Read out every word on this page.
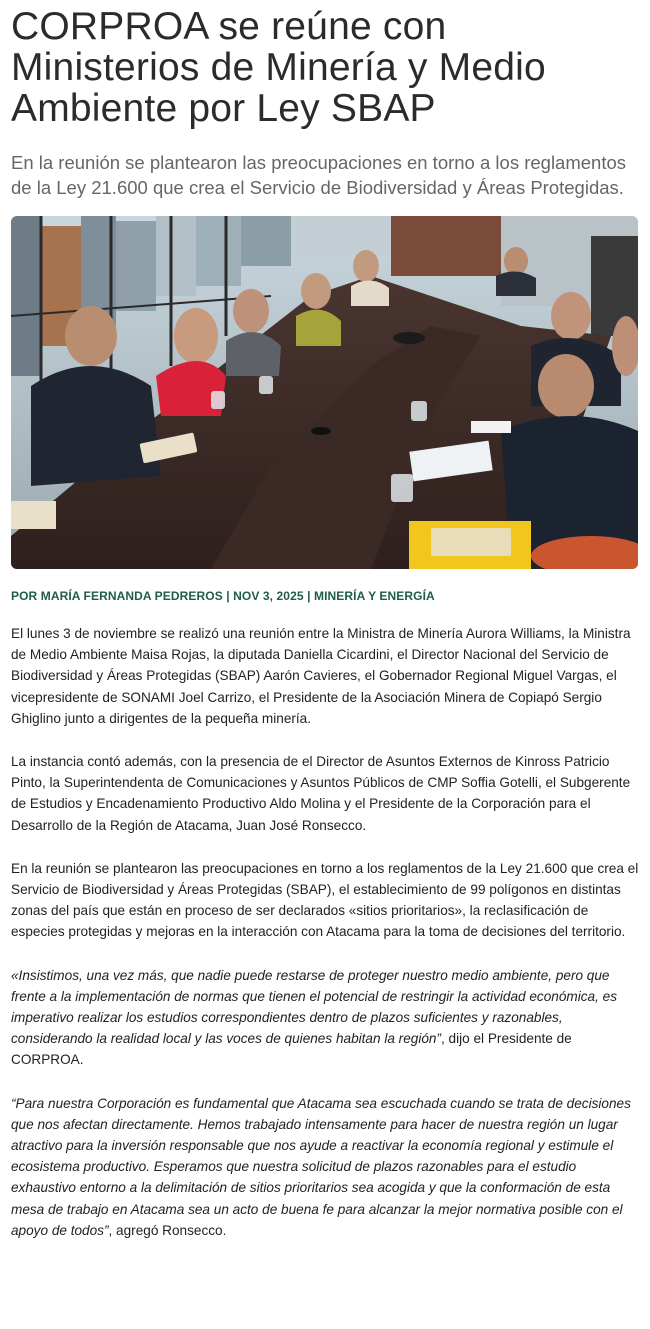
CORPROA se reúne con Ministerios de Minería y Medio Ambiente por Ley SBAP

En la reunión se plantearon las preocupaciones en torno a los reglamentos de la Ley 21.600 que crea el Servicio de Biodiversidad y Áreas Protegidas.

POR MARÍA FERNANDA PEDREROS | NOV 3, 2025 | MINERÍA Y ENERGÍA

El lunes 3 de noviembre se realizó una reunión entre la Ministra de Minería Aurora Williams, la Ministra de Medio Ambiente Maisa Rojas, la diputada Daniella Cicardini, el Director Nacional del Servicio de Biodiversidad y Áreas Protegidas (SBAP) Aarón Cavieres, el Gobernador Regional Miguel Vargas, el vicepresidente de SONAMI Joel Carrizo, el Presidente de la Asociación Minera de Copiapó Sergio Ghiglino junto a dirigentes de la pequeña minería.

La instancia contó además, con la presencia de el Director de Asuntos Externos de Kinross Patricio Pinto, la Superintendenta de Comunicaciones y Asuntos Públicos de CMP Soffia Gotelli, el Subgerente de Estudios y Encadenamiento Productivo Aldo Molina y el Presidente de la Corporación para el Desarrollo de la Región de Atacama, Juan José Ronsecco.

En la reunión se plantearon las preocupaciones en torno a los reglamentos de la Ley 21.600 que crea el Servicio de Biodiversidad y Áreas Protegidas (SBAP), el establecimiento de 99 polígonos en distintas zonas del país que están en proceso de ser declarados «sitios prioritarios», la reclasificación de especies protegidas y mejoras en la interacción con Atacama para la toma de decisiones del territorio.

«Insistimos, una vez más, que nadie puede restarse de proteger nuestro medio ambiente, pero que frente a la implementación de normas que tienen el potencial de restringir la actividad económica, es imperativo realizar los estudios correspondientes dentro de plazos suficientes y razonables, considerando la realidad local y las voces de quienes habitan la región”, dijo el Presidente de CORPROA.

“Para nuestra Corporación es fundamental que Atacama sea escuchada cuando se trata de decisiones que nos afectan directamente. Hemos trabajado intensamente para hacer de nuestra región un lugar atractivo para la inversión responsable que nos ayude a reactivar la economía regional y estimule el ecosistema productivo. Esperamos que nuestra solicitud de plazos razonables para el estudio exhaustivo entorno a la delimitación de sitios prioritarios sea acogida y que la conformación de esta mesa de trabajo en Atacama sea un acto de buena fe para alcanzar la mejor normativa posible con el apoyo de todos”, agregó Ronsecco.
